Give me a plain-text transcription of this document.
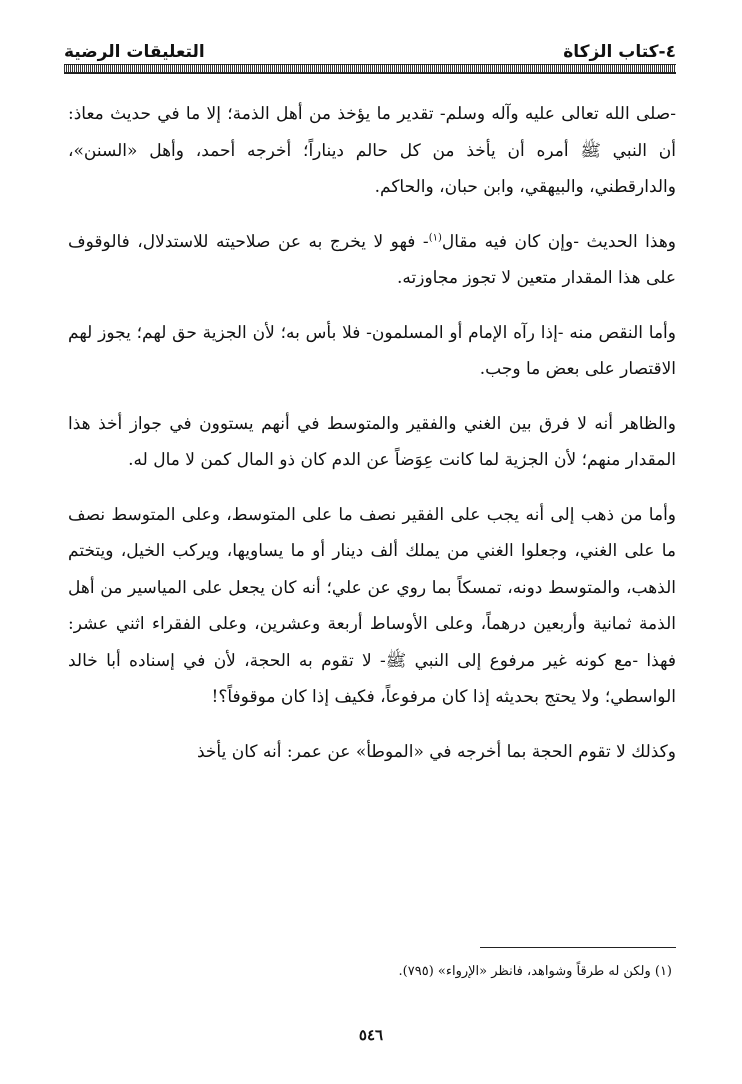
٤-كتاب الزكاة
التعليقات الرضية

-صلى الله تعالى عليه وآله وسلم- تقدير ما يؤخذ من أهل الذمة؛ إلا ما في حديث معاذ: أن النبي ﷺ أمره أن يأخذ من كل حالم ديناراً؛ أخرجه أحمد، وأهل «السنن»، والدارقطني، والبيهقي، وابن حبان، والحاكم.

وهذا الحديث -وإن كان فيه مقال$^{(١)}$- فهو لا يخرج به عن صلاحيته للاستدلال، فالوقوف على هذا المقدار متعين لا تجوز مجاوزته.

وأما النقص منه -إذا رآه الإمام أو المسلمون- فلا بأس به؛ لأن الجزية حق لهم؛ يجوز لهم الاقتصار على بعض ما وجب.

والظاهر أنه لا فرق بين الغني والفقير والمتوسط في أنهم يستوون في جواز أخذ هذا المقدار منهم؛ لأن الجزية لما كانت عِوَضاً عن الدم كان ذو المال كمن لا مال له.

وأما من ذهب إلى أنه يجب على الفقير نصف ما على المتوسط، وعلى المتوسط نصف ما على الغني، وجعلوا الغني من يملك ألف دينار أو ما يساويها، ويركب الخيل، ويتختم الذهب، والمتوسط دونه، تمسكاً بما روي عن علي؛ أنه كان يجعل على المياسير من أهل الذمة ثمانية وأربعين درهماً، وعلى الأوساط أربعة وعشرين، وعلى الفقراء اثني عشر: فهذا -مع كونه غير مرفوع إلى النبي ﷺ- لا تقوم به الحجة، لأن في إسناده أبا خالد الواسطي؛ ولا يحتج بحديثه إذا كان مرفوعاً، فكيف إذا كان موقوفاً؟!

وكذلك لا تقوم الحجة بما أخرجه في «الموطأ» عن عمر: أنه كان يأخذ

(١) ولكن له طرقاً وشواهد، فانظر «الإرواء» (٧٩٥).
٥٤٦
